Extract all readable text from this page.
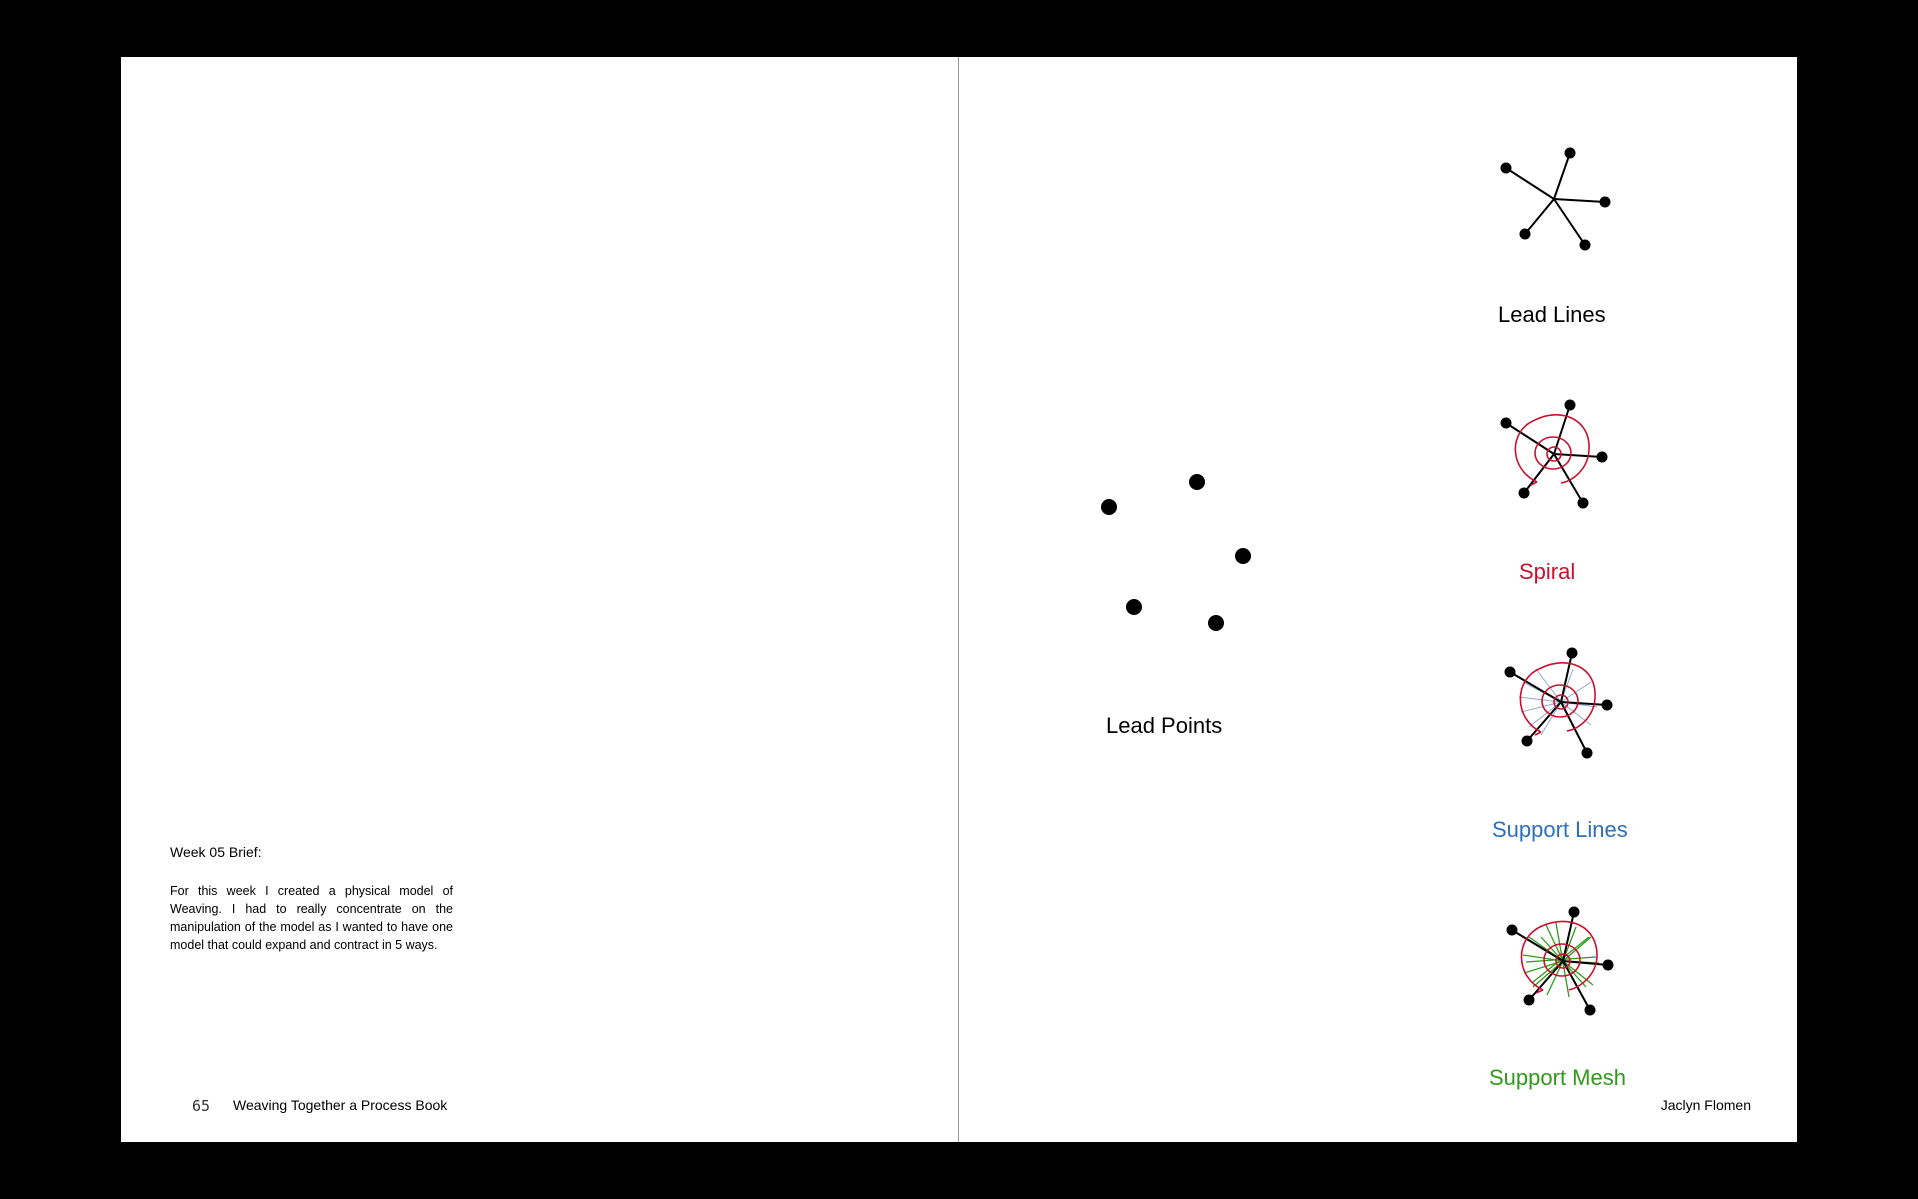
Week 05 Brief:
For this week I created a physical model of Weaving. I had to really concentrate on the manipulation of the model as I wanted to have one model that could expand and contract in 5 ways.
65 Weaving Together a Process Book
Lead Points
Lead Lines
Spiral
Support Lines
Support Mesh
Jaclyn Flomen
